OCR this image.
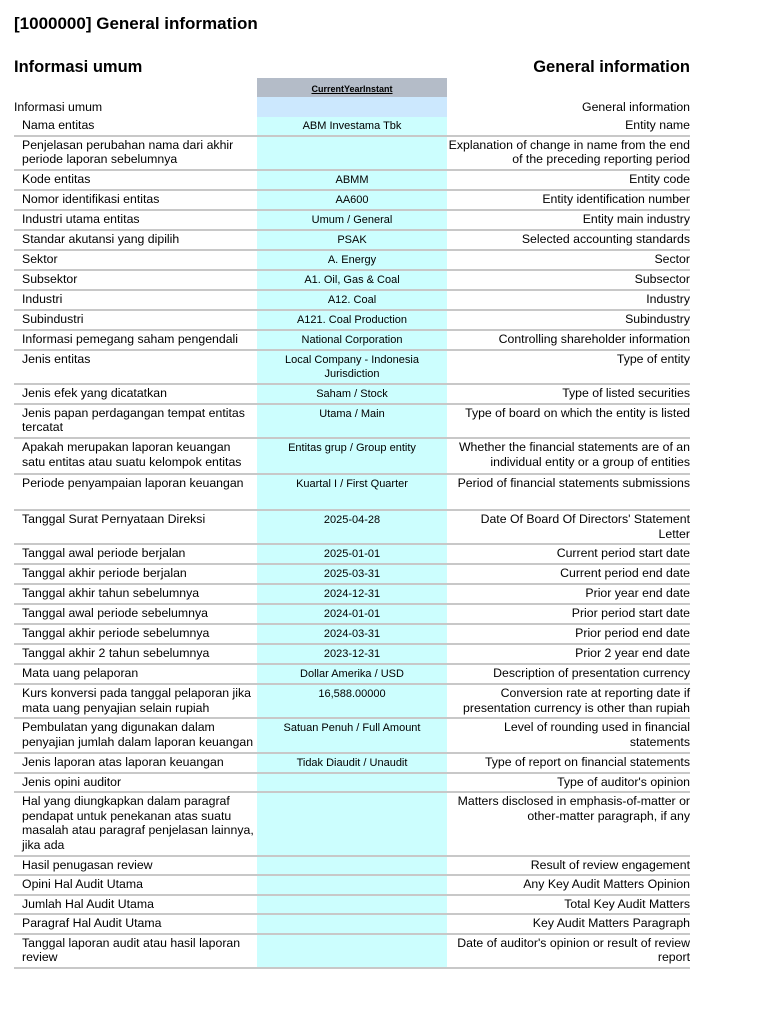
[1000000] General information
Informasi umum	General information
CurrentYearInstant
Informasi umum		General information
Nama entitas	ABM Investama Tbk	Entity name
Penjelasan perubahan nama dari akhir periode laporan sebelumnya		Explanation of change in name from the end of the preceding reporting period
Kode entitas	ABMM	Entity code
Nomor identifikasi entitas	AA600	Entity identification number
Industri utama entitas	Umum / General	Entity main industry
Standar akutansi yang dipilih	PSAK	Selected accounting standards
Sektor	A. Energy	Sector
Subsektor	A1. Oil, Gas & Coal	Subsector
Industri	A12. Coal	Industry
Subindustri	A121. Coal Production	Subindustry
Informasi pemegang saham pengendali	National Corporation	Controlling shareholder information
Jenis entitas	Local Company - Indonesia Jurisdiction	Type of entity
Jenis efek yang dicatatkan	Saham / Stock	Type of listed securities
Jenis papan perdagangan tempat entitas tercatat	Utama / Main	Type of board on which the entity is listed
Apakah merupakan laporan keuangan satu entitas atau suatu kelompok entitas	Entitas grup / Group entity	Whether the financial statements are of an individual entity or a group of entities
Periode penyampaian laporan keuangan	Kuartal I / First Quarter	Period of financial statements submissions
Tanggal Surat Pernyataan Direksi	2025-04-28	Date Of Board Of Directors' Statement Letter
Tanggal awal periode berjalan	2025-01-01	Current period start date
Tanggal akhir periode berjalan	2025-03-31	Current period end date
Tanggal akhir tahun sebelumnya	2024-12-31	Prior year end date
Tanggal awal periode sebelumnya	2024-01-01	Prior period start date
Tanggal akhir periode sebelumnya	2024-03-31	Prior period end date
Tanggal akhir 2 tahun sebelumnya	2023-12-31	Prior 2 year end date
Mata uang pelaporan	Dollar Amerika / USD	Description of presentation currency
Kurs konversi pada tanggal pelaporan jika mata uang penyajian selain rupiah	16,588.00000	Conversion rate at reporting date if presentation currency is other than rupiah
Pembulatan yang digunakan dalam penyajian jumlah dalam laporan keuangan	Satuan Penuh / Full Amount	Level of rounding used in financial statements
Jenis laporan atas laporan keuangan	Tidak Diaudit / Unaudit	Type of report on financial statements
Jenis opini auditor		Type of auditor's opinion
Hal yang diungkapkan dalam paragraf pendapat untuk penekanan atas suatu masalah atau paragraf penjelasan lainnya, jika ada		Matters disclosed in emphasis-of-matter or other-matter paragraph, if any
Hasil penugasan review		Result of review engagement
Opini Hal Audit Utama		Any Key Audit Matters Opinion
Jumlah Hal Audit Utama		Total Key Audit Matters
Paragraf Hal Audit Utama		Key Audit Matters Paragraph
Tanggal laporan audit atau hasil laporan review		Date of auditor's opinion or result of review report
